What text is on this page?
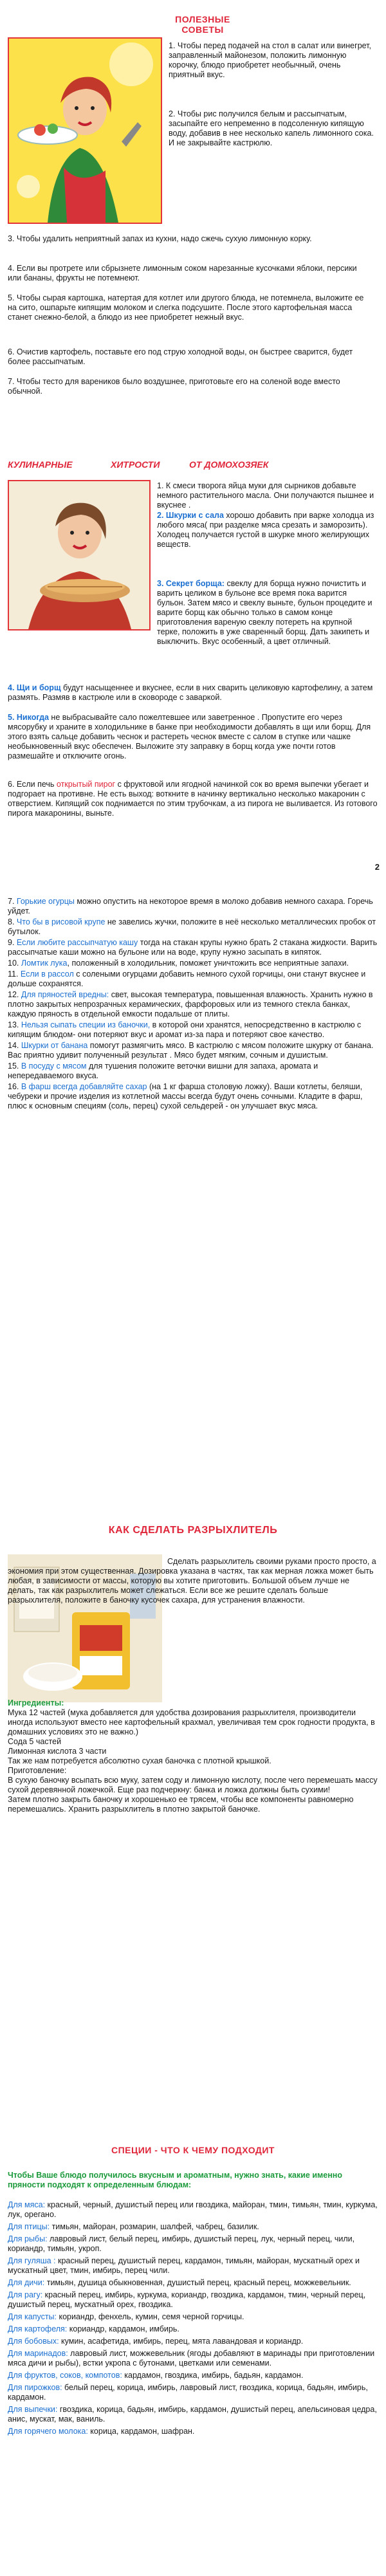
ПОЛЕЗНЫЕ СОВЕТЫ
1. Чтобы перед подачей на стол в салат или винегрет, заправленный майонезом, положить лимонную корочку, блюдо приобретет необычный, очень приятный вкус.
2. Чтобы рис получился белым и рассыпчатым, засыпайте его непременно в подсоленную кипящую воду, добавив в нее несколько капель лимонного сока. И не закрывайте кастрюлю.
3. Чтобы удалить неприятный запах из кухни, надо сжечь сухую лимонную корку.
4. Если вы протрете или сбрызнете лимонным соком нарезанные кусочками яблоки, персики или бананы, фрукты не потемнеют.
5. Чтобы сырая картошка, натертая для котлет или другого блюда, не потемнела, выложите ее на сито, ошпарьте кипящим молоком и слегка подсушите. После этого картофельная масса станет снежно-белой, а блюдо из нее приобретет нежный вкус.
6. Очистив картофель, поставьте его под струю холодной воды, он быстрее сварится, будет более рассыпчатым.
7. Чтобы тесто для вареников было воздушнее, приготовьте его на соленой воде вместо обычной.
КУЛИНАРНЫЕ	ХИТРОСТИ	ОТ ДОМОХОЗЯЕК
1. К смеси творога яйца муки для сырников добавьте немного растительного масла. Они получаются пышнее и вкуснее .
2. Шкурки с сала хорошо добавить при варке холодца из любого мяса( при разделке мяса срезать и заморозить). Холодец получается густой в шкурке много желирующих веществ.
3. Секрет борща: свеклу для борща нужно почистить и варить целиком в бульоне все время пока варится бульон. Затем мясо и свеклу выньте, бульон процедите и варите борщ как обычно только в самом конце приготовления вареную свеклу потереть на крупной терке, положить в уже сваренный борщ. Дать закипеть и выключить. Вкус особенный, а цвет отличный.
4. Щи и борщ будут насыщеннее и вкуснее, если в них сварить целиковую картофелину, а затем размять. Размяв в кастрюле или в сковороде с заваркой.
5. Никогда не выбрасывайте сало пожелтевшее или заветренное . Пропустите его через мясорубку и храните в холодильнике в банке при необходимости добавлять в щи или борщ. Для этого взять сальце добавить чеснок и растереть чеснок вместе с салом в ступке или чашке необыкновенный вкус обеспечен. Выложите эту заправку в борщ когда уже почти готов размешайте и отключите огонь.
6. Если печь открытый пирог с фруктовой или ягодной начинкой сок во время выпечки убегает и подгорает на противне. Не есть выход: воткните в начинку вертикально несколько макаронин с отверстием. Кипящий сок поднимается по этим трубочкам, а из пирога не выливается. Из готового пирога макаронины, выньте.
2
7. Горькие огурцы можно опустить на некоторое время в молоко добавив немного сахара. Горечь уйдет.
8. Что бы в рисовой крупе не завелись жучки, положите в неё несколько металлических пробок от бутылок.
9. Если любите рассыпчатую кашу тогда на стакан крупы нужно брать 2 стакана жидкости. Варить рассыпчатые каши можно на бульоне или на воде, крупу нужно засыпать в кипяток.
10. Ломтик лука, положенный в холодильник, поможет уничтожить все неприятные запахи.
11. Если в рассол с солеными огурцами добавить немного сухой горчицы, они станут вкуснее и дольше сохранятся.
12. Для пряностей вредны: свет, высокая температура, повышенная влажность. Хранить нужно в плотно закрытых непрозрачных керамических, фарфоровых или из темного стекла банках, каждую пряность в отдельной емкости подальше от плиты.
13. Нельзя сыпать специи из баночки, в которой они хранятся, непосредственно в кастрюлю с кипящим блюдом- они потеряют вкус и аромат из-за пара и потеряют свое качество.
14. Шкурки от банана помогут размягчить мясо. В кастрюлю с мясом положите шкурку от банана. Вас приятно удивит полученный результат . Мясо будет мягким, сочным и душистым.
15. В посуду с мясом для тушения положите веточки вишни для запаха, аромата и непередаваемого вкуса.
16. В фарш всегда добавляйте сахар (на 1 кг фарша столовую ложку). Ваши котлеты, беляши, чебуреки и прочие изделия из котлетной массы всегда будут очень сочными. Кладите в фарш, плюс к основным специям (соль, перец) сухой сельдерей - он улучшает вкус мяса.
КАК СДЕЛАТЬ РАЗРЫХЛИТЕЛЬ
Сделать разрыхлитель своими руками просто просто, а экономия при этом существенная. Дозировка указана в частях, так как мерная ложка может быть любая, в зависимости от массы, которую вы хотите приготовить. Большой объем лучше не делать, так как разрыхлитель может слежаться. Если все же решите сделать больше разрыхлителя, положите в баночку кусочек сахара, для устранения влажности.
Ингредиенты:
Мука 12 частей (мука добавляется для удобства дозирования разрыхлителя, производители иногда используют вместо нее картофельный крахмал, увеличивая тем срок годности продукта, в домашних условиях это не важно.)
Сода 5 частей
Лимонная кислота 3 части
Так же нам потребуется абсолютно сухая баночка с плотной крышкой.
Приготовление:
В сухую баночку всыпать всю муку, затем соду и лимонную кислоту, после чего перемешать массу сухой деревянной ложечкой. Еще раз подчеркну: банка и ложка должны быть сухими!
Затем плотно закрыть баночку и хорошенько ее трясем, чтобы все компоненты равномерно перемешались. Хранить разрыхлитель в плотно закрытой баночке.
СПЕЦИИ - ЧТО К ЧЕМУ ПОДХОДИТ
Чтобы Ваше блюдо получилось вкусным и ароматным, нужно знать, какие именно пряности подходят к определенным блюдам:
Для мяса: красный, черный, душистый перец или гвоздика, майоран, тмин, тимьян, тмин, куркума, лук, орегано.
Для птицы: тимьян, майоран, розмарин, шалфей, чабрец, базилик.
Для рыбы: лавровый лист, белый перец, имбирь, душистый перец, лук, черный перец, чили, кориандр, тимьян, укроп.
Для гуляша : красный перец, душистый перец, кардамон, тимьян, майоран, мускатный орех и мускатный цвет, тмин, имбирь, перец чили.
Для дичи: тимьян, душица обыкновенная, душистый перец, красный перец, можжевельник.
Для рагу: красный перец, имбирь, куркума, кориандр, гвоздика, кардамон, тмин, черный перец, душистый перец, мускатный орех, гвоздика.
Для капусты: кориандр, фенхель, кумин, семя черной горчицы.
Для картофеля: кориандр, кардамон, имбирь.
Для бобовых: кумин, асафетида, имбирь, перец, мята лавандовая и кориандр.
Для маринадов: лавровый лист, можжевельник (ягоды добавляют в маринады при приготовлении мяса дичи и рыбы), вcтки укропа с бутонами, цветками или семенами.
Для фруктов, соков, компотов: кардамон, гвоздика, имбирь, бадьян, кардамон.
Для пирожков: белый перец, корица, имбирь, лавровый лист, гвоздика, корица, бадьян, имбирь, кардамон.
Для выпечки: гвоздика, корица, бадьян, имбирь, кардамон, душистый перец, апельсиновая цедра, анис, мускат, мак, ваниль.
Для горячего молока: корица, кардамон, шафран.
